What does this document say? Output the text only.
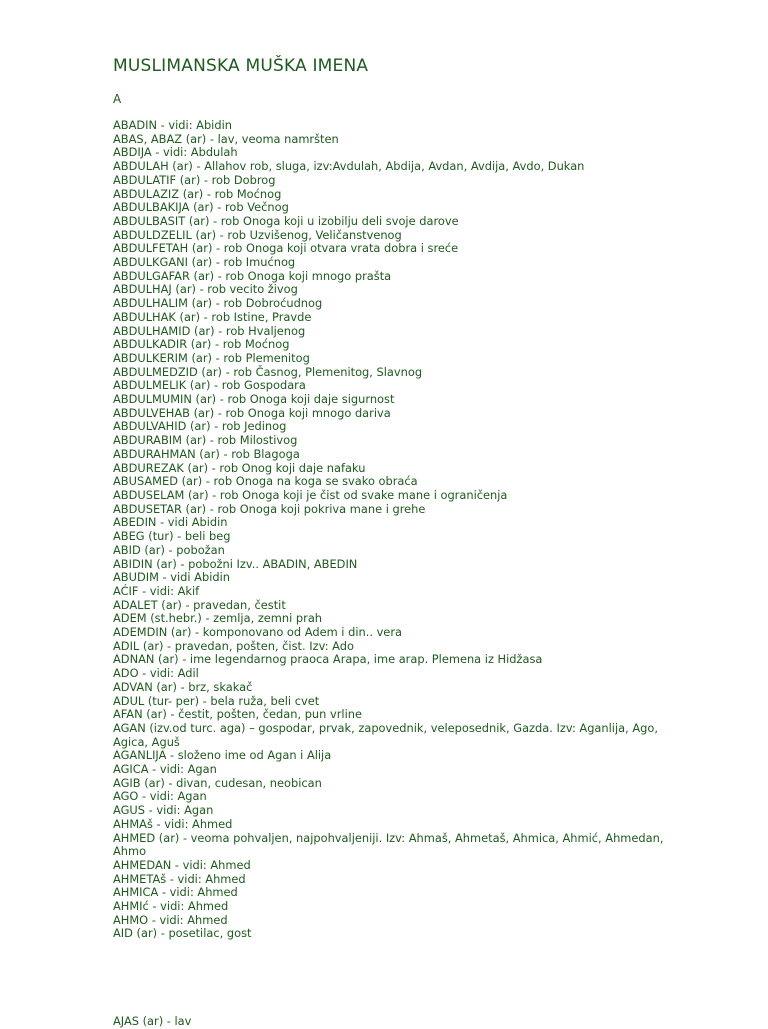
MUSLIMANSKA MUŠKA IMENA
A
ABADIN - vidi: Abidin
ABAS, ABAZ (ar) - lav, veoma namršten
ABDIJA - vidi: Abdulah
ABDULAH (ar) - Allahov rob, sluga, izv:Avdulah, Abdija, Avdan, Avdija, Avdo, Dukan
ABDULATIF (ar) - rob Dobrog
ABDULAZIZ (ar) - rob Moćnog
ABDULBAKIJA (ar) - rob Večnog
ABDULBASIT (ar) - rob Onoga koji u izobilju deli svoje darove
ABDULDZELIL (ar) - rob Uzvišenog, Veličanstvenog
ABDULFETAH (ar) - rob Onoga koji otvara vrata dobra i sreće
ABDULKGANI (ar) - rob Imućnog
ABDULGAFAR (ar) - rob Onoga koji mnogo prašta
ABDULHAJ (ar) - rob vecito živog
ABDULHALIM (ar) - rob Dobroćudnog
ABDULHAK (ar) - rob Istine, Pravde
ABDULHAMID (ar) - rob Hvaljenog
ABDULKADIR (ar) - rob Moćnog
ABDULKERIM (ar) - rob Plemenitog
ABDULMEDZID (ar) - rob Časnog, Plemenitog, Slavnog
ABDULMELIK (ar) - rob Gospodara
ABDULMUMIN (ar) - rob Onoga koji daje sigurnost
ABDULVEHAB (ar) - rob Onoga koji mnogo dariva
ABDULVAHID (ar) - rob Jedinog
ABDURABIM (ar) - rob Milostivog
ABDURAHMAN (ar) - rob Blagoga
ABDUREZAK (ar) - rob Onog koji daje nafaku
ABUSAMED (ar) - rob Onoga na koga se svako obraća
ABDUSELAM (ar) - rob Onoga koji je čist od svake mane i ograničenja
ABDUSETAR (ar) - rob Onoga koji pokriva mane i grehe
ABEDIN - vidi Abidin
ABEG (tur) - beli beg
ABID (ar) - pobožan
ABIDIN (ar) - pobožni Izv.. ABADIN, ABEDIN
ABUDIM - vidi Abidin
AĆIF - vidi: Akif
ADALET (ar) - pravedan, čestit
ADEM (st.hebr.) - zemlja, zemni prah
ADEMDIN (ar) - komponovano od Adem i din.. vera
ADIL (ar) - pravedan, pošten, čist. Izv: Ado
ADNAN (ar) - ime legendarnog praoca Arapa, ime arap. Plemena iz Hidžasa
ADO - vidi: Adil
ADVAN (ar) - brz, skakač
ADUL (tur- per) - bela ruža, beli cvet
AFAN (ar) - čestit, pošten, čedan, pun vrline
AGAN (izv.od turc. aga) – gospodar, prvak, zapovednik, veleposednik, Gazda. Izv: Aganlija, Ago, Agica, Aguš
AGANLIJA - složeno ime od Agan i Alija
AGICA - vidi: Agan
AGIB (ar) - divan, cudesan, neobican
AGO - vidi: Agan
AGUS - vidi: Agan
AHMAš - vidi: Ahmed
AHMED (ar) - veoma pohvaljen, najpohvaljeniji. Izv: Ahmaš, Ahmetaš, Ahmica, Ahmić, Ahmedan, Ahmo
AHMEDAN - vidi: Ahmed
AHMETAš - vidi: Ahmed
AHMICA - vidi: Ahmed
AHMIć - vidi: Ahmed
AHMO - vidi: Ahmed
AID (ar) - posetilac, gost
AJAS (ar) - lav
